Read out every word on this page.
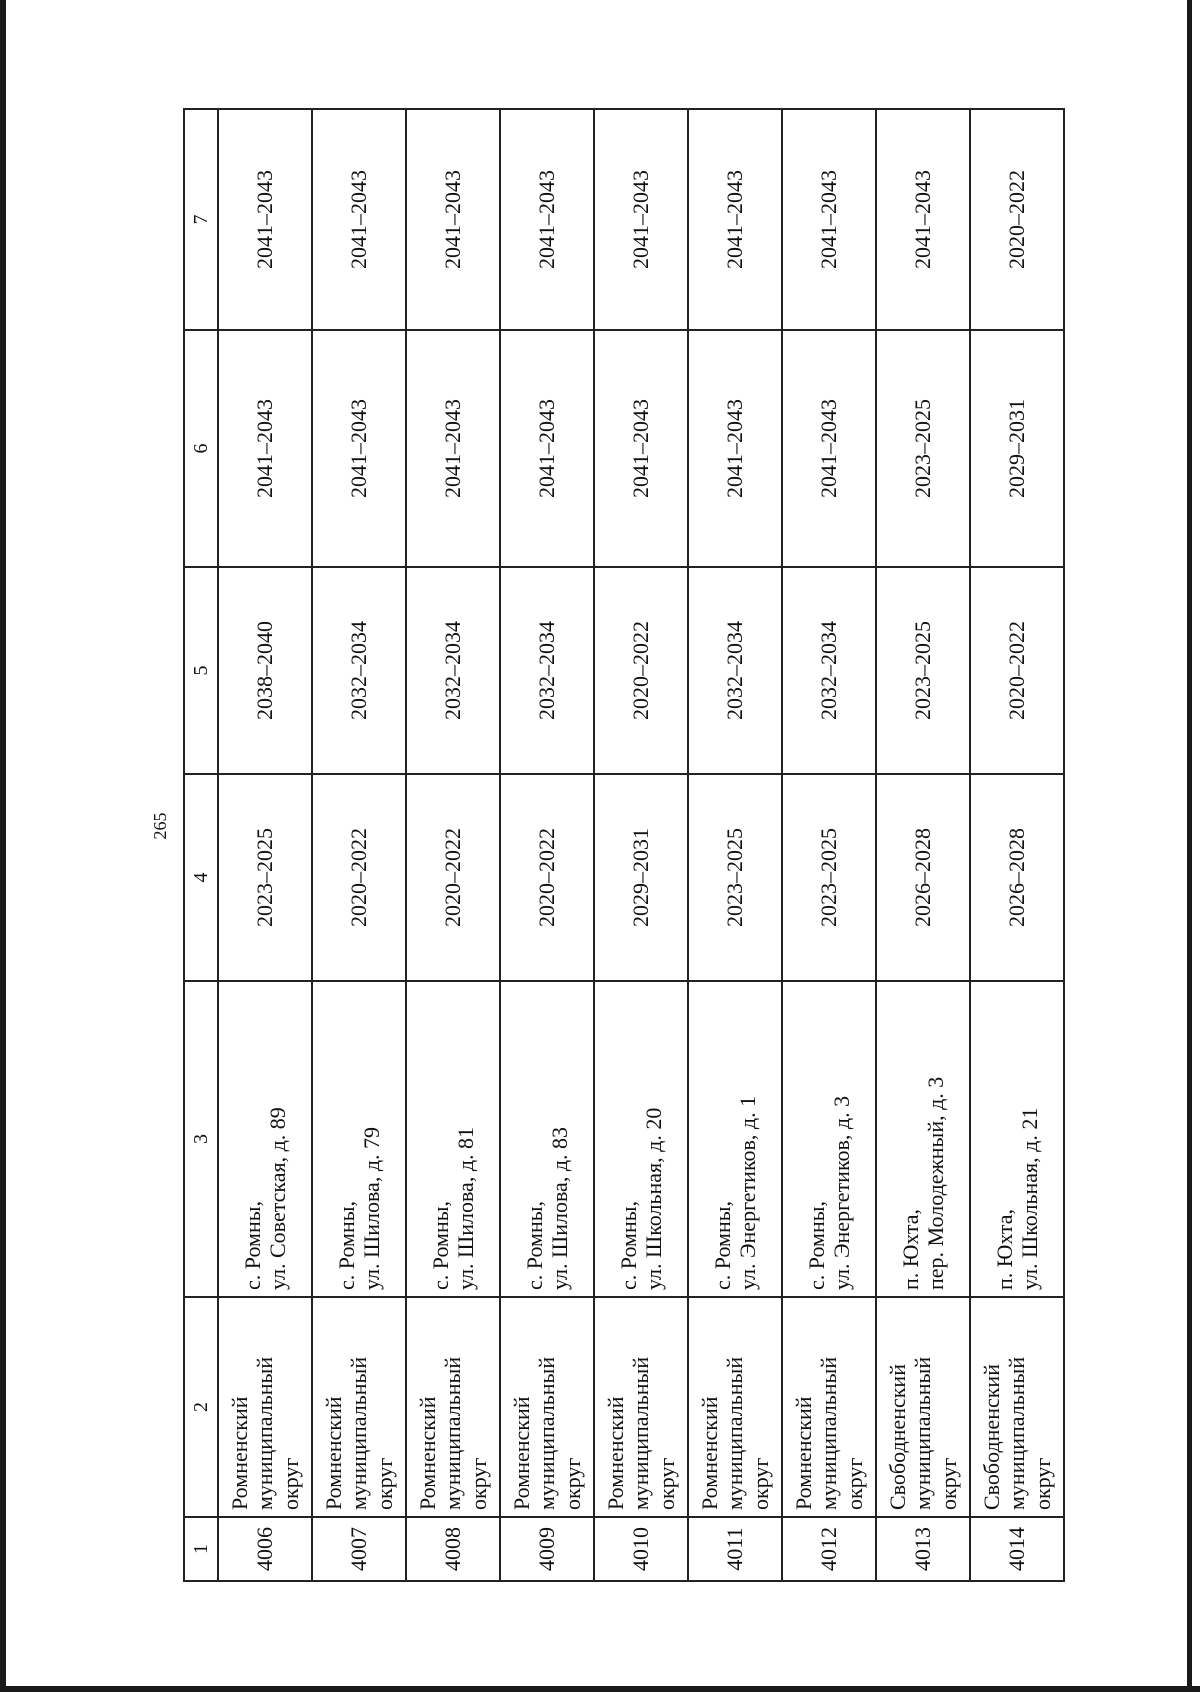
265
1	2	3	4	5	6	7
4006	Ромненский муниципальный округ	с. Ромны, ул. Советская, д. 89	2023–2025	2038–2040	2041–2043	2041–2043
4007	Ромненский муниципальный округ	с. Ромны, ул. Шилова, д. 79	2020–2022	2032–2034	2041–2043	2041–2043
4008	Ромненский муниципальный округ	с. Ромны, ул. Шилова, д. 81	2020–2022	2032–2034	2041–2043	2041–2043
4009	Ромненский муниципальный округ	с. Ромны, ул. Шилова, д. 83	2020–2022	2032–2034	2041–2043	2041–2043
4010	Ромненский муниципальный округ	с. Ромны, ул. Школьная, д. 20	2029–2031	2020–2022	2041–2043	2041–2043
4011	Ромненский муниципальный округ	с. Ромны, ул. Энергетиков, д. 1	2023–2025	2032–2034	2041–2043	2041–2043
4012	Ромненский муниципальный округ	с. Ромны, ул. Энергетиков, д. 3	2023–2025	2032–2034	2041–2043	2041–2043
4013	Свободненский муниципальный округ	п. Юхта, пер. Молодежный, д. 3	2026–2028	2023–2025	2023–2025	2041–2043
4014	Свободненский муниципальный округ	п. Юхта, ул. Школьная, д. 21	2026–2028	2020–2022	2029–2031	2020–2022
